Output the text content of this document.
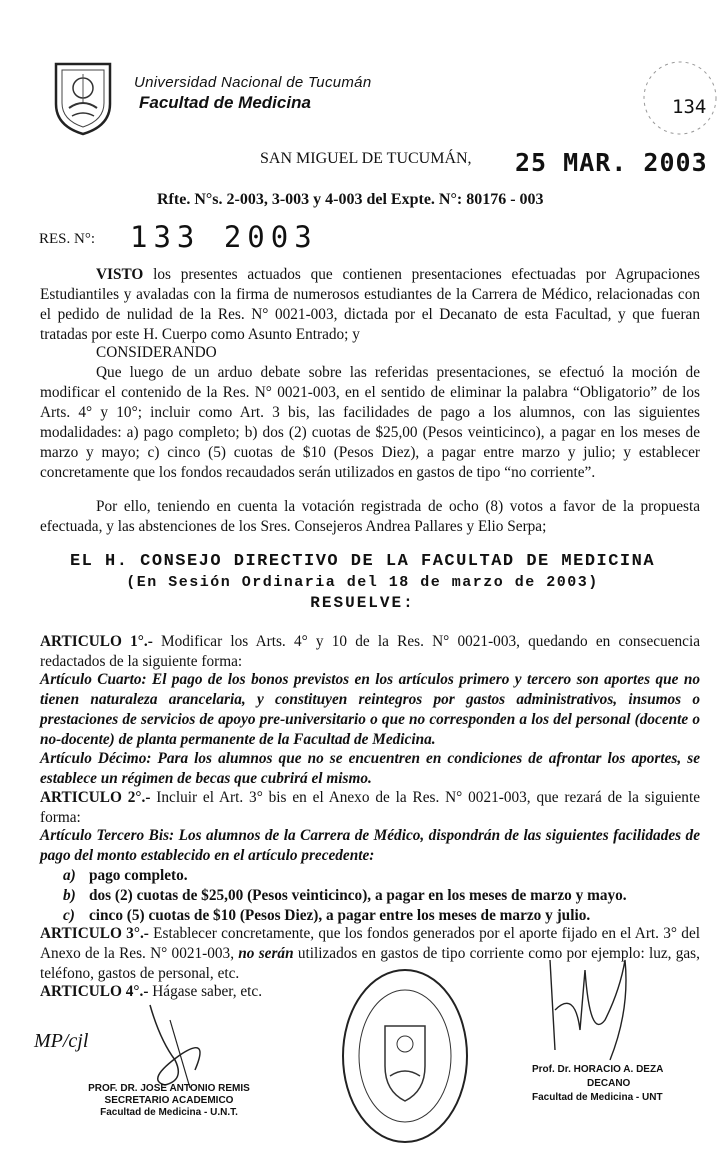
Universidad Nacional de Tucumán
Facultad de Medicina	134
SAN MIGUEL DE TUCUMÁN, 25 MAR. 2003
Rfte. N°s. 2-003, 3-003 y 4-003 del Expte. N°: 80176 - 003
RES. N°: 133 2003

VISTO los presentes actuados que contienen presentaciones efectuadas por Agrupaciones Estudiantiles y avaladas con la firma de numerosos estudiantes de la Carrera de Médico, relacionadas con el pedido de nulidad de la Res. N° 0021-003, dictada por el Decanato de esta Facultad, y que fueran tratadas por este H. Cuerpo como Asunto Entrado; y

CONSIDERANDO

Que luego de un arduo debate sobre las referidas presentaciones, se efectuó la moción de modificar el contenido de la Res. N° 0021-003, en el sentido de eliminar la palabra “Obligatorio” de los Arts. 4° y 10°; incluir como Art. 3 bis, las facilidades de pago a los alumnos, con las siguientes modalidades: a) pago completo; b) dos (2) cuotas de $25,00 (Pesos veinticinco), a pagar en los meses de marzo y mayo; c) cinco (5) cuotas de $10 (Pesos Diez), a pagar entre marzo y julio; y establecer concretamente que los fondos recaudados serán utilizados en gastos de tipo “no corriente”.

Por ello, teniendo en cuenta la votación registrada de ocho (8) votos a favor de la propuesta efectuada, y las abstenciones de los Sres. Consejeros Andrea Pallares y Elio Serpa;

EL H. CONSEJO DIRECTIVO DE LA FACULTAD DE MEDICINA
(En Sesión Ordinaria del 18 de marzo de 2003)
RESUELVE:

ARTICULO 1°.- Modificar los Arts. 4° y 10 de la Res. N° 0021-003, quedando en consecuencia redactados de la siguiente forma:

Artículo Cuarto: El pago de los bonos previstos en los artículos primero y tercero son aportes que no tienen naturaleza arancelaria, y constituyen reintegros por gastos administrativos, insumos o prestaciones de servicios de apoyo pre-universitario o que no corresponden a los del personal (docente o no-docente) de planta permanente de la Facultad de Medicina.

Artículo Décimo: Para los alumnos que no se encuentren en condiciones de afrontar los aportes, se establece un régimen de becas que cubrirá el mismo.

ARTICULO 2°.- Incluir el Art. 3° bis en el Anexo de la Res. N° 0021-003, que rezará de la siguiente forma:

Artículo Tercero Bis: Los alumnos de la Carrera de Médico, dispondrán de las siguientes facilidades de pago del monto establecido en el artículo precedente:

a) pago completo.
b) dos (2) cuotas de $25,00 (Pesos veinticinco), a pagar en los meses de marzo y mayo.
c) cinco (5) cuotas de $10 (Pesos Diez), a pagar entre los meses de marzo y julio.

ARTICULO 3°.- Establecer concretamente, que los fondos generados por el aporte fijado en el Art. 3° del Anexo de la Res. N° 0021-003, no serán utilizados en gastos de tipo corriente como por ejemplo: luz, gas, teléfono, gastos de personal, etc.

ARTICULO 4°.- Hágase saber, etc.

MP/cjl
PROF. DR. JOSE ANTONIO REMIS
SECRETARIO ACADEMICO
Facultad de Medicina - U.N.T.
Prof. Dr. HORACIO A. DEZA
DECANO
Facultad de Medicina - UNT
